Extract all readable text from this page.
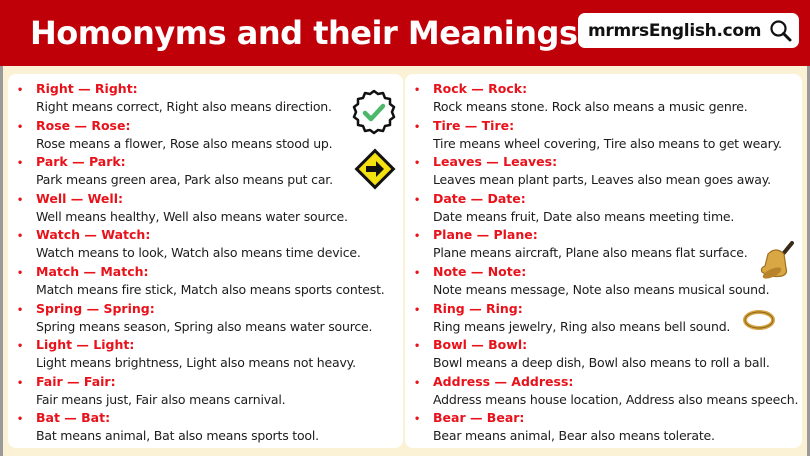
Homonyms and their Meanings mrmrsEnglish.com
• Right — Right:
Right means correct, Right also means direction.
• Rose — Rose:
Rose means a flower, Rose also means stood up.
• Park — Park:
Park means green area, Park also means put car.
• Well — Well:
Well means healthy, Well also means water source.
• Watch — Watch:
Watch means to look, Watch also means time device.
• Match — Match:
Match means fire stick, Match also means sports contest.
• Spring — Spring:
Spring means season, Spring also means water source.
• Light — Light:
Light means brightness, Light also means not heavy.
• Fair — Fair:
Fair means just, Fair also means carnival.
• Bat — Bat:
Bat means animal, Bat also means sports tool.
• Rock — Rock:
Rock means stone. Rock also means a music genre.
• Tire — Tire:
Tire means wheel covering, Tire also means to get weary.
• Leaves — Leaves:
Leaves mean plant parts, Leaves also mean goes away.
• Date — Date:
Date means fruit, Date also means meeting time.
• Plane — Plane:
Plane means aircraft, Plane also means flat surface.
• Note — Note:
Note means message, Note also means musical sound.
• Ring — Ring:
Ring means jewelry, Ring also means bell sound.
• Bowl — Bowl:
Bowl means a deep dish, Bowl also means to roll a ball.
• Address — Address:
Address means house location, Address also means speech.
• Bear — Bear:
Bear means animal, Bear also means tolerate.
